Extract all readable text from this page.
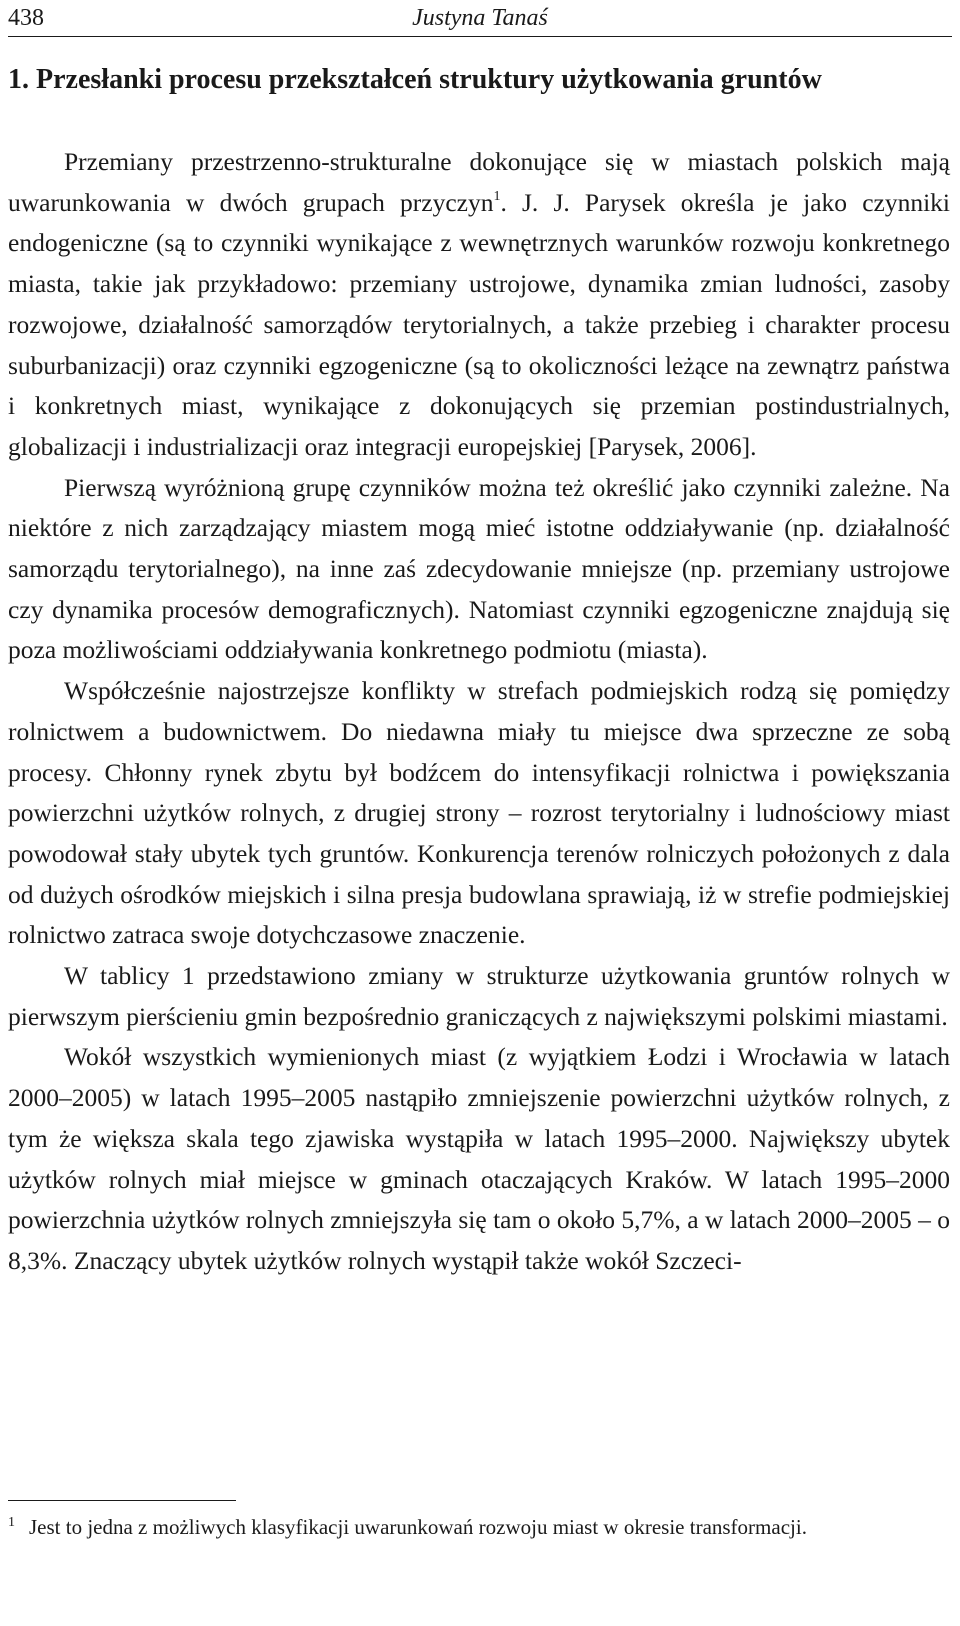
438	Justyna Tanaś
1. Przesłanki procesu przekształceń struktury użytkowania gruntów

Przemiany przestrzenno-strukturalne dokonujące się w miastach polskich mają uwarunkowania w dwóch grupach przyczyn$^1$. J. J. Parysek określa je jako czynniki endogeniczne (są to czynniki wynikające z wewnętrznych warunków rozwoju konkretnego miasta, takie jak przykładowo: przemiany ustrojowe, dynamika zmian ludności, zasoby rozwojowe, działalność samorządów terytorialnych, a także przebieg i charakter procesu suburbanizacji) oraz czynniki egzogeniczne (są to okoliczności leżące na zewnątrz państwa i konkretnych miast, wynikające z dokonujących się przemian postindustrialnych, globalizacji i industrializacji oraz integracji europejskiej [Parysek, 2006].

Pierwszą wyróżnioną grupę czynników można też określić jako czynniki zależne. Na niektóre z nich zarządzający miastem mogą mieć istotne oddziaływanie (np. działalność samorządu terytorialnego), na inne zaś zdecydowanie mniejsze (np. przemiany ustrojowe czy dynamika procesów demograficznych). Natomiast czynniki egzogeniczne znajdują się poza możliwościami oddziaływania konkretnego podmiotu (miasta).

Współcześnie najostrzejsze konflikty w strefach podmiejskich rodzą się pomiędzy rolnictwem a budownictwem. Do niedawna miały tu miejsce dwa sprzeczne ze sobą procesy. Chłonny rynek zbytu był bodźcem do intensyfikacji rolnictwa i powiększania powierzchni użytków rolnych, z drugiej strony – rozrost terytorialny i ludnościowy miast powodował stały ubytek tych gruntów. Konkurencja terenów rolniczych położonych z dala od dużych ośrodków miejskich i silna presja budowlana sprawiają, iż w strefie podmiejskiej rolnictwo zatraca swoje dotychczasowe znaczenie.

W tablicy 1 przedstawiono zmiany w strukturze użytkowania gruntów rolnych w pierwszym pierścieniu gmin bezpośrednio graniczących z największymi polskimi miastami.

Wokół wszystkich wymienionych miast (z wyjątkiem Łodzi i Wrocławia w latach 2000–2005) w latach 1995–2005 nastąpiło zmniejszenie powierzchni użytków rolnych, z tym że większa skala tego zjawiska wystąpiła w latach 1995–2000. Największy ubytek użytków rolnych miał miejsce w gminach otaczających Kraków. W latach 1995–2000 powierzchnia użytków rolnych zmniejszyła się tam o około 5,7%, a w latach 2000–2005 – o 8,3%. Znaczący ubytek użytków rolnych wystąpił także wokół Szczeci-

$^1$ Jest to jedna z możliwych klasyfikacji uwarunkowań rozwoju miast w okresie transformacji.
